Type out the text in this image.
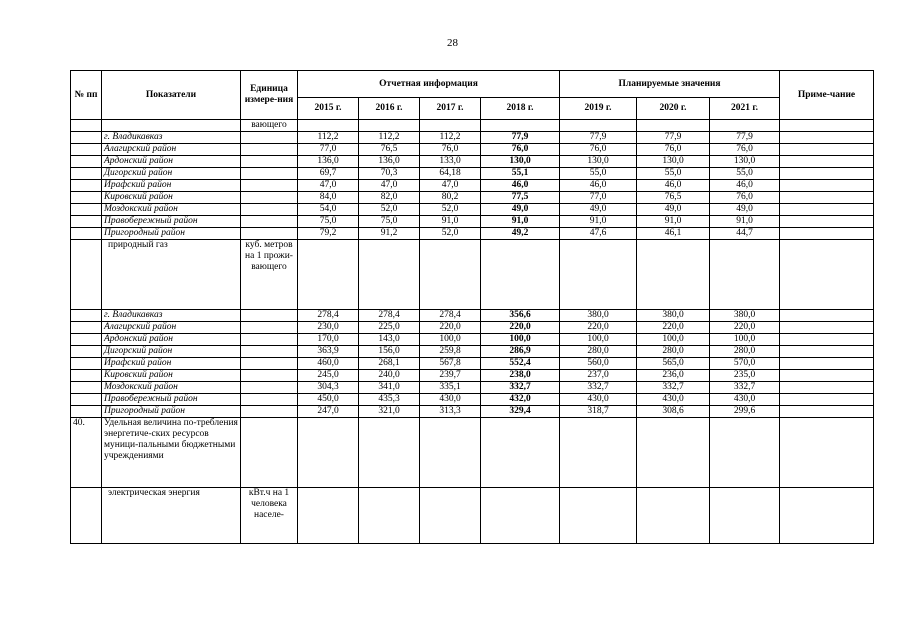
28
№ пп	Показатели	Единица измере-ния	Отчетная информация				Планируемые значения			Приме-чание
			2015 г.	2016 г.	2017 г.	2018 г.	2019 г.	2020 г.	2021 г.	
		вающего								
	г. Владикавказ		112,2	112,2	112,2	77,9	77,9	77,9	77,9	
	Алагирский район		77,0	76,5	76,0	76,0	76,0	76,0	76,0	
	Ардонский район		136,0	136,0	133,0	130,0	130,0	130,0	130,0	
	Дигорский район		69,7	70,3	64,18	55,1	55,0	55,0	55,0	
	Ирафский район		47,0	47,0	47,0	46,0	46,0	46,0	46,0	
	Кировский район		84,0	82,0	80,2	77,5	77,0	76,5	76,0	
	Моздокский район		54,0	52,0	52,0	49,0	49,0	49,0	49,0	
	Правобережный район		75,0	75,0	91,0	91,0	91,0	91,0	91,0	
	Пригородный район		79,2	91,2	52,0	49,2	47,6	46,1	44,7	
	природный газ	куб. метров на 1 прожи-вающего								
	г. Владикавказ		278,4	278,4	278,4	356,6	380,0	380,0	380,0	
	Алагирский район		230,0	225,0	220,0	220,0	220,0	220,0	220,0	
	Ардонский район		170,0	143,0	100,0	100,0	100,0	100,0	100,0	
	Дигорский район		363,9	156,0	259,8	286,9	280,0	280,0	280,0	
	Ирафский район		460,0	268,1	567,8	552,4	560,0	565,0	570,0	
	Кировский район		245,0	240,0	239,7	238,0	237,0	236,0	235,0	
	Моздокский район		304,3	341,0	335,1	332,7	332,7	332,7	332,7	
	Правобережный район		450,0	435,3	430,0	432,0	430,0	430,0	430,0	
	Пригородный район		247,0	321,0	313,3	329,4	318,7	308,6	299,6	
40.	Удельная величина по-требления энергетиче-ских ресурсов муници-пальными бюджетными учреждениями									
	электрическая энергия	кВт.ч на 1 человека населе-								
